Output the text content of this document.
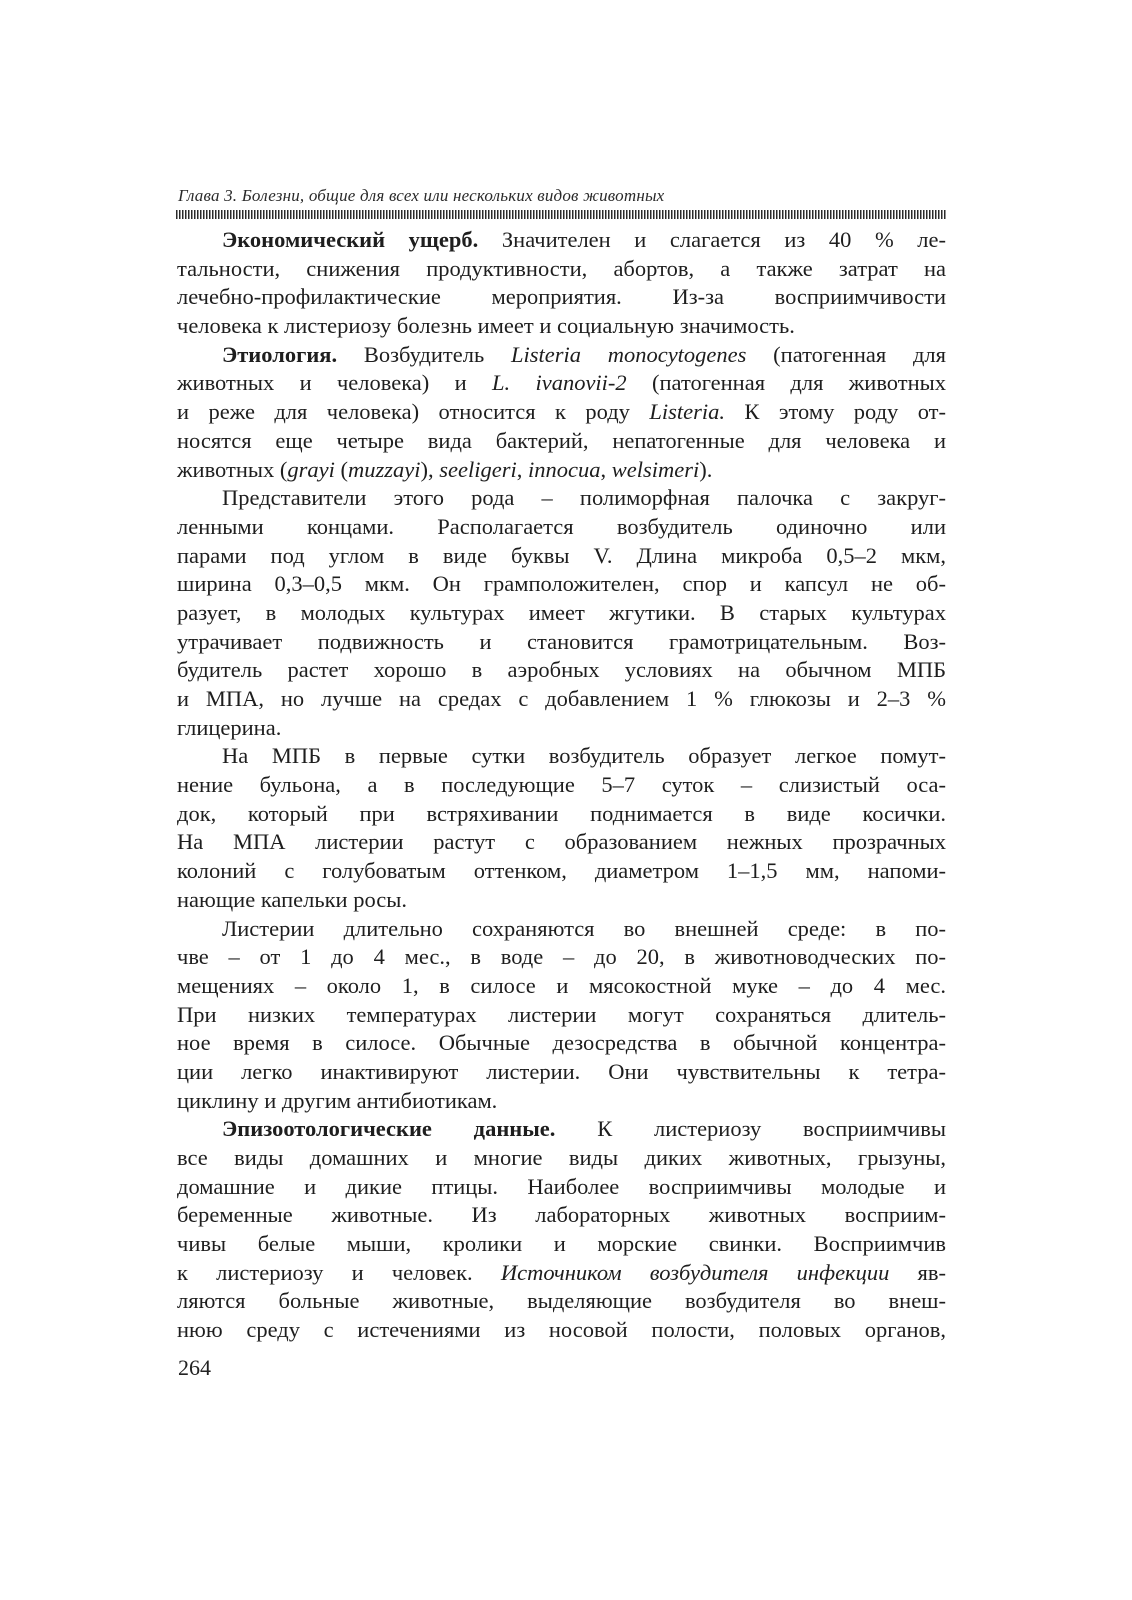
Глава 3. Болезни, общие для всех или нескольких видов животных
Экономический ущерб. Значителен и слагается из 40 % ле-
тальности, снижения продуктивности, абортов, а также затрат на
лечебно-профилактические мероприятия. Из-за восприимчивости
человека к листериозу болезнь имеет и социальную значимость.
Этиология. Возбудитель Listeria monocytogenes (патогенная для
животных и человека) и L. ivanovii-2 (патогенная для животных
и реже для человека) относится к роду Listeria. К этому роду от-
носятся еще четыре вида бактерий, непатогенные для человека и
животных (grayi (muzzayi), seeligeri, innocua, welsimeri).
Представители этого рода – полиморфная палочка с закруг-
ленными концами. Располагается возбудитель одиночно или
парами под углом в виде буквы V. Длина микроба 0,5–2 мкм,
ширина 0,3–0,5 мкм. Он грамположителен, спор и капсул не об-
разует, в молодых культурах имеет жгутики. В старых культурах
утрачивает подвижность и становится грамотрицательным. Воз-
будитель растет хорошо в аэробных условиях на обычном МПБ
и МПА, но лучше на средах с добавлением 1 % глюкозы и 2–3 %
глицерина.
На МПБ в первые сутки возбудитель образует легкое помут-
нение бульона, а в последующие 5–7 суток – слизистый оса-
док, который при встряхивании поднимается в виде косички.
На МПА листерии растут с образованием нежных прозрачных
колоний с голубоватым оттенком, диаметром 1–1,5 мм, напоми-
нающие капельки росы.
Листерии длительно сохраняются во внешней среде: в по-
чве – от 1 до 4 мес., в воде – до 20, в животноводческих по-
мещениях – около 1, в силосе и мясокостной муке – до 4 мес.
При низких температурах листерии могут сохраняться длитель-
ное время в силосе. Обычные дезосредства в обычной концентра-
ции легко инактивируют листерии. Они чувствительны к тетра-
циклину и другим антибиотикам.
Эпизоотологические данные. К листериозу восприимчивы
все виды домашних и многие виды диких животных, грызуны,
домашние и дикие птицы. Наиболее восприимчивы молодые и
беременные животные. Из лабораторных животных восприим-
чивы белые мыши, кролики и морские свинки. Восприимчив
к листериозу и человек. Источником возбудителя инфекции яв-
ляются больные животные, выделяющие возбудителя во внеш-
нюю среду с истечениями из носовой полости, половых органов,
264
